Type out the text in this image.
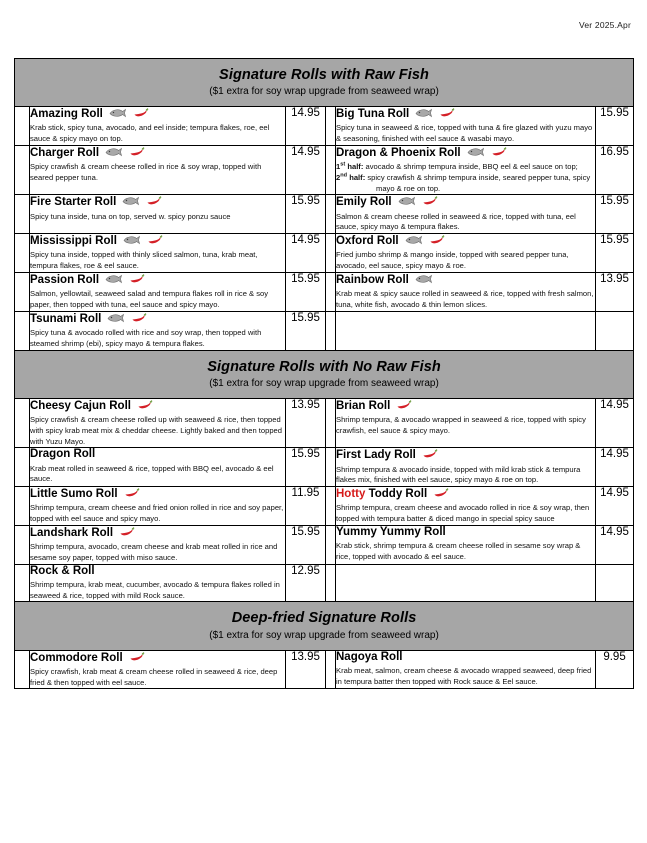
Ver 2025.Apr
Signature Rolls with Raw Fish
($1 extra for soy wrap upgrade from seaweed wrap)					

Amazing Roll
Krab stick, spicy tuna, avocado, and eel inside; tempura flakes, roe, eel sauce & spicy mayo on top.
	14.95		Big Tuna Roll
Spicy tuna in seaweed & rice, topped with tuna & fire glazed with yuzu mayo & seasoning, finished with eel sauce & wasabi mayo.
	15.95

Charger Roll
Spicy crawfish & cream cheese rolled in rice & soy wrap, topped with seared pepper tuna.
	14.95		Dragon & Phoenix Roll
1st half: avocado & shrimp tempura inside, BBQ eel & eel sauce on top;
2nd half: spicy crawfish & shrimp tempura inside, seared pepper tuna, spicy
mayo & roe on top.
	16.95

Fire Starter Roll
Spicy tuna inside, tuna on top, served w. spicy ponzu sauce
	15.95		Emily Roll
Salmon & cream cheese rolled in seaweed & rice, topped with tuna, eel sauce, spicy mayo & tempura flakes.
	15.95

Mississippi Roll
Spicy tuna inside, topped with thinly sliced salmon, tuna, krab meat, tempura flakes, roe & eel sauce.
	14.95		Oxford Roll
Fried jumbo shrimp & mango inside, topped with seared pepper tuna, avocado, eel sauce, spicy mayo & roe.
	15.95

Passion Roll
Salmon, yellowtail, seaweed salad and tempura flakes roll in rice & soy paper, then topped with tuna, eel sauce and spicy mayo.
	15.95		Rainbow Roll
Krab meat & spicy sauce rolled in seaweed & rice, topped with fresh salmon, tuna, white fish, avocado & thin lemon slices.
	13.95

	Tsunami Roll
Spicy tuna & avocado rolled with rice and soy wrap, then topped with steamed shrimp (ebi), spicy mayo & tempura flakes.	15.95			

Signature Rolls with No Raw Fish
($1 extra for soy wrap upgrade from seaweed wrap)					

Cheesy Cajun Roll
Spicy crawfish & cream cheese rolled up with seaweed & rice, then topped with spicy krab meat mix & cheddar cheese. Lightly baked and then topped with Yuzu Mayo.
	13.95		Brian Roll
Shrimp tempura, & avocado wrapped in seaweed & rice, topped with spicy crawfish, eel sauce & spicy mayo.
	14.95

Dragon Roll
Krab meat rolled in seaweed & rice, topped with BBQ eel, avocado & eel sauce.
	15.95		First Lady Roll
Shrimp tempura & avocado inside, topped with mild krab stick & tempura flakes mix, finished with eel sauce, spicy mayo & roe on top.
	14.95

Little Sumo Roll
Shrimp tempura, cream cheese and fried onion rolled in rice and soy paper, topped with eel sauce and spicy mayo.
	11.95		Hotty Toddy Roll
Shrimp tempura, cream cheese and avocado rolled in rice & soy wrap, then topped with tempura batter & diced mango in special spicy sauce
	14.95

Landshark Roll
Shrimp tempura, avocado, cream cheese and krab meat rolled in rice and sesame soy paper, topped with miso sauce.
	15.95		Yummy Yummy Roll
Krab stick, shrimp tempura & cream cheese rolled in sesame soy wrap & rice, topped with avocado & eel sauce.
	14.95

	Rock & Roll
Shrimp tempura, krab meat, cucumber, avocado & tempura flakes rolled in seaweed & rice, topped with mild Rock sauce.	12.95			

Deep-fried Signature Rolls
($1 extra for soy wrap upgrade from seaweed wrap)					

Commodore Roll
Spicy crawfish, krab meat & cream cheese rolled in seaweed & rice, deep fried & then topped with eel sauce.
	13.95		Nagoya Roll
Krab meat, salmon, cream cheese & avocado wrapped seaweed, deep fried in tempura batter then topped with Rock sauce & Eel sauce.
	9.95
